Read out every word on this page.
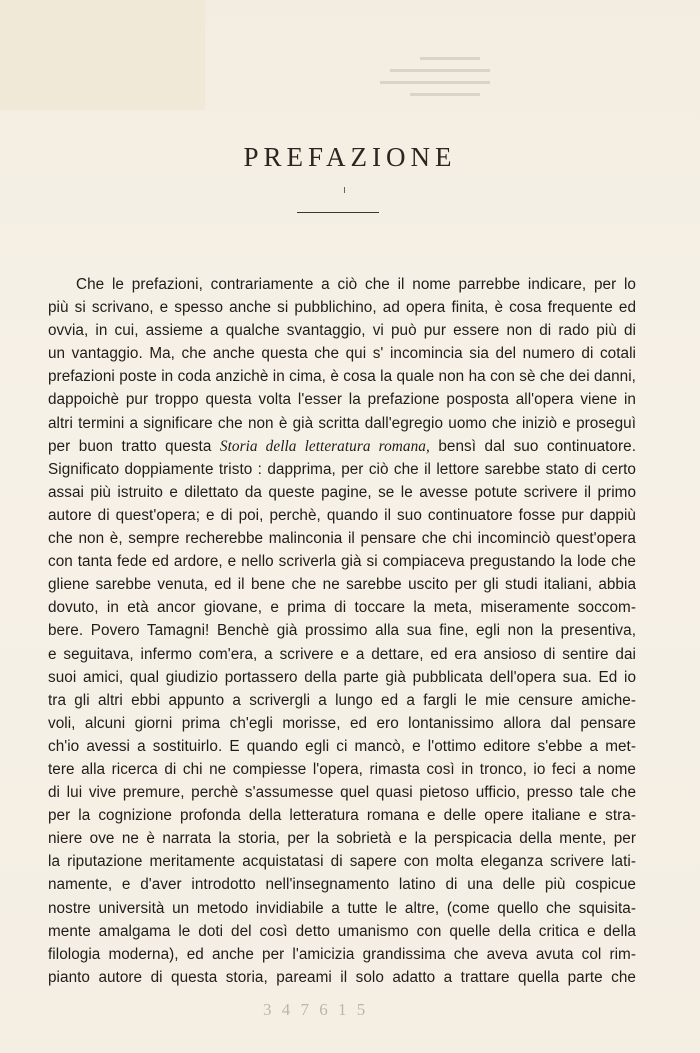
PREFAZIONE
Che le prefazioni, contrariamente a ciò che il nome parrebbe indicare, per lo
più si scrivano, e spesso anche si pubblichino, ad opera finita, è cosa frequente ed
ovvia, in cui, assieme a qualche svantaggio, vi può pur essere non di rado più di
un vantaggio. Ma, che anche questa che qui s' incomincia sia del numero di cotali
prefazioni poste in coda anzichè in cima, è cosa la quale non ha con sè che dei danni,
dappoichè pur troppo questa volta l'esser la prefazione posposta all'opera viene in
altri termini a significare che non è già scritta dall'egregio uomo che iniziò e proseguì
per buon tratto questa Storia della letteratura romana, bensì dal suo continuatore.
Significato doppiamente tristo : dapprima, per ciò che il lettore sarebbe stato di certo
assai più istruito e dilettato da queste pagine, se le avesse potute scrivere il primo
autore di quest'opera; e di poi, perchè, quando il suo continuatore fosse pur dappiù
che non è, sempre recherebbe malinconia il pensare che chi incominciò quest'opera
con tanta fede ed ardore, e nello scriverla già si compiaceva pregustando la lode che
gliene sarebbe venuta, ed il bene che ne sarebbe uscito per gli studi italiani, abbia
dovuto, in età ancor giovane, e prima di toccare la meta, miseramente soccom-
bere. Povero Tamagni! Benchè già prossimo alla sua fine, egli non la presentiva,
e seguitava, infermo com'era, a scrivere e a dettare, ed era ansioso di sentire dai
suoi amici, qual giudizio portassero della parte già pubblicata dell'opera sua. Ed io
tra gli altri ebbi appunto a scrivergli a lungo ed a fargli le mie censure amiche-
voli, alcuni giorni prima ch'egli morisse, ed ero lontanissimo allora dal pensare
ch'io avessi a sostituirlo. E quando egli ci mancò, e l'ottimo editore s'ebbe a met-
tere alla ricerca di chi ne compiesse l'opera, rimasta così in tronco, io feci a nome
di lui vive premure, perchè s'assumesse quel quasi pietoso ufficio, presso tale che
per la cognizione profonda della letteratura romana e delle opere italiane e stra-
niere ove ne è narrata la storia, per la sobrietà e la perspicacia della mente, per
la riputazione meritamente acquistatasi di sapere con molta eleganza scrivere lati-
namente, e d'aver introdotto nell'insegnamento latino di una delle più cospicue
nostre università un metodo invidiabile a tutte le altre, (come quello che squisita-
mente amalgama le doti del così detto umanismo con quelle della critica e della
filologia moderna), ed anche per l'amicizia grandissima che aveva avuta col rim-
pianto autore di questa storia, pareami il solo adatto a trattare quella parte che
3 4 7 6 1 5
